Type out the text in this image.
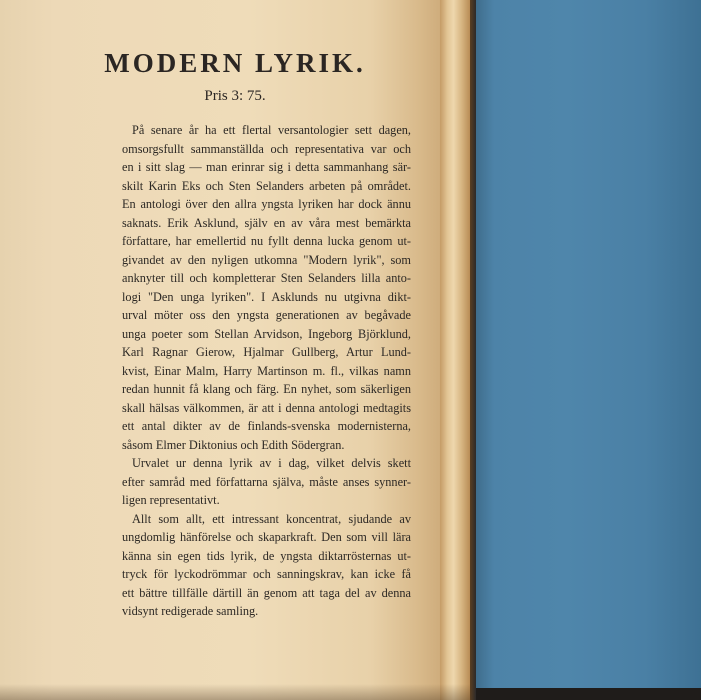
MODERN LYRIK.
Pris 3: 75.
På senare år ha ett flertal versantologier sett dagen,
omsorgsfullt sammanställda och representativa var och
en i sitt slag — man erinrar sig i detta sammanhang sär-
skilt Karin Eks och Sten Selanders arbeten på området.
En antologi över den allra yngsta lyriken har dock ännu
saknats. Erik Asklund, själv en av våra mest bemärkta
författare, har emellertid nu fyllt denna lucka genom ut-
givandet av den nyligen utkomna "Modern lyrik", som
anknyter till och kompletterar Sten Selanders lilla anto-
logi "Den unga lyriken". I Asklunds nu utgivna dikt-
urval möter oss den yngsta generationen av begåvade
unga poeter som Stellan Arvidson, Ingeborg Björklund,
Karl Ragnar Gierow, Hjalmar Gullberg, Artur Lund-
kvist, Einar Malm, Harry Martinson m. fl., vilkas namn
redan hunnit få klang och färg. En nyhet, som säkerligen
skall hälsas välkommen, är att i denna antologi medtagits
ett antal dikter av de finlands-svenska modernisterna,
såsom Elmer Diktonius och Edith Södergran.
Urvalet ur denna lyrik av i dag, vilket delvis skett
efter samråd med författarna själva, måste anses synner-
ligen representativt.
Allt som allt, ett intressant koncentrat, sjudande av
ungdomlig hänförelse och skaparkraft. Den som vill lära
känna sin egen tids lyrik, de yngsta diktarrösternas ut-
tryck för lyckodrömmar och sanningskrav, kan icke få
ett bättre tillfälle därtill än genom att taga del av denna
vidsynt redigerade samling.
